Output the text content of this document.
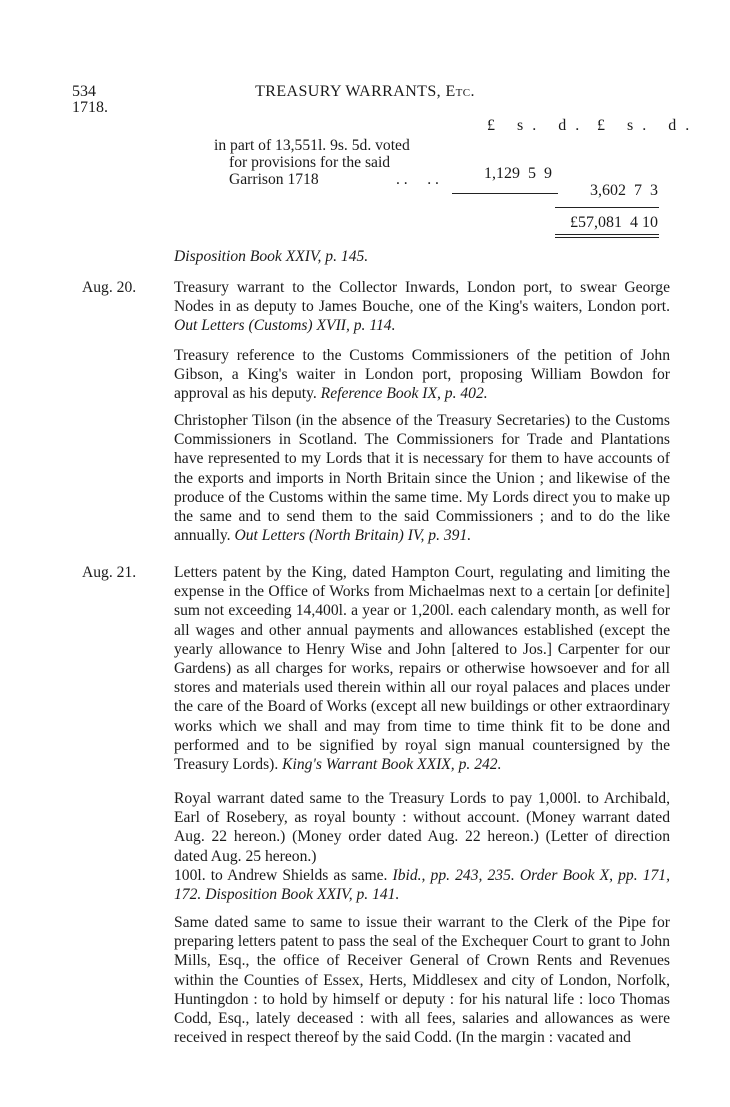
534
1718.
TREASURY WARRANTS, Etc.
£ s. d. £ s. d.
in part of 13,551l. 9s. 5d. voted
for provisions for the said
Garrison 1718	. .     . .	1,129  5  9
3,602  7  3
£57,081  4 10
Disposition Book XXIV, p. 145.
Aug. 20. Treasury warrant to the Collector Inwards, London port, to swear George Nodes in as deputy to James Bouche, one of the King's waiters, London port. Out Letters (Customs) XVII, p. 114.

Treasury reference to the Customs Commissioners of the petition of John Gibson, a King's waiter in London port, proposing William Bowdon for approval as his deputy. Reference Book IX, p. 402.

Christopher Tilson (in the absence of the Treasury Secretaries) to the Customs Commissioners in Scotland. The Commissioners for Trade and Plantations have represented to my Lords that it is necessary for them to have accounts of the exports and imports in North Britain since the Union ; and likewise of the produce of the Customs within the same time. My Lords direct you to make up the same and to send them to the said Commissioners ; and to do the like annually. Out Letters (North Britain) IV, p. 391.

Aug. 21. Letters patent by the King, dated Hampton Court, regulating and limiting the expense in the Office of Works from Michaelmas next to a certain [or definite] sum not exceeding 14,400l. a year or 1,200l. each calendary month, as well for all wages and other annual payments and allowances established (except the yearly allowance to Henry Wise and John [altered to Jos.] Carpenter for our Gardens) as all charges for works, repairs or otherwise howsoever and for all stores and materials used therein within all our royal palaces and places under the care of the Board of Works (except all new buildings or other extraordinary works which we shall and may from time to time think fit to be done and performed and to be signified by royal sign manual countersigned by the Treasury Lords). King's Warrant Book XXIX, p. 242.

Royal warrant dated same to the Treasury Lords to pay 1,000l. to Archibald, Earl of Rosebery, as royal bounty : without account. (Money warrant dated Aug. 22 hereon.) (Money order dated Aug. 22 hereon.) (Letter of direction dated Aug. 25 hereon.)

100l. to Andrew Shields as same. Ibid., pp. 243, 235. Order Book X, pp. 171, 172. Disposition Book XXIV, p. 141.

Same dated same to same to issue their warrant to the Clerk of the Pipe for preparing letters patent to pass the seal of the Exchequer Court to grant to John Mills, Esq., the office of Receiver General of Crown Rents and Revenues within the Counties of Essex, Herts, Middlesex and city of London, Norfolk, Huntingdon : to hold by himself or deputy : for his natural life : loco Thomas Codd, Esq., lately deceased : with all fees, salaries and allowances as were received in respect thereof by the said Codd. (In the margin : vacated and
